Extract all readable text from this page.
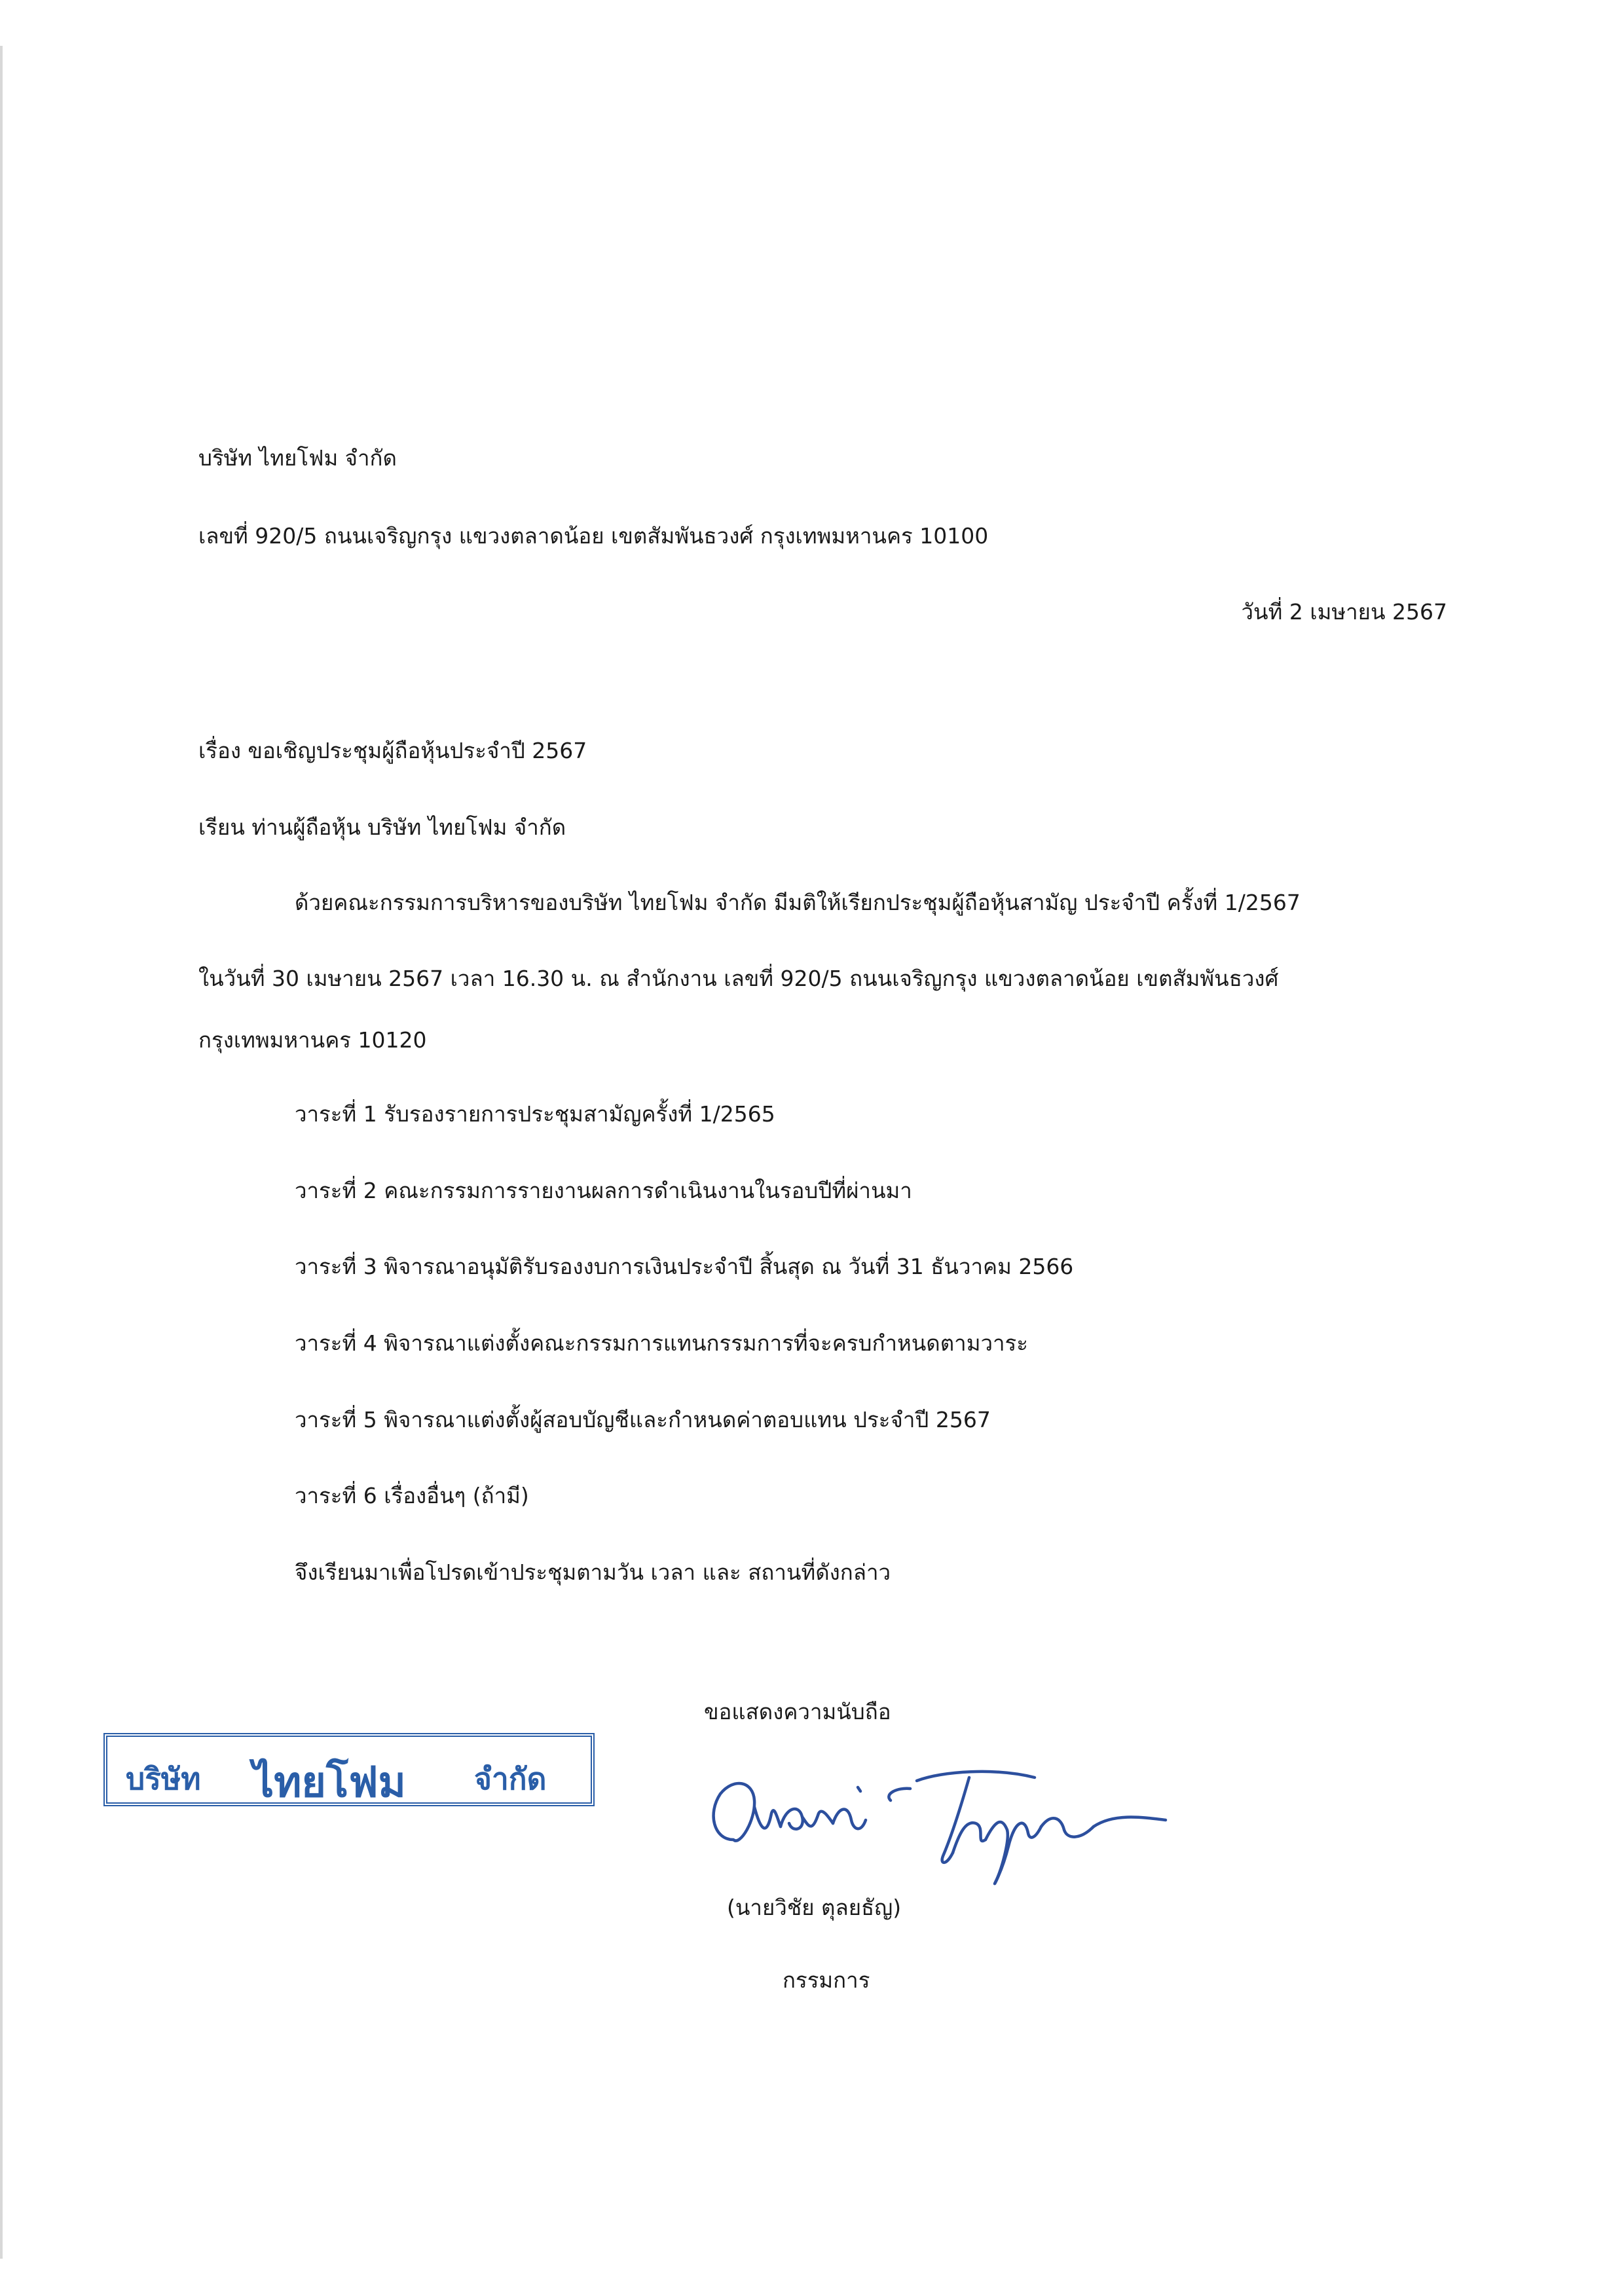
บริษัท ไทยโฟม จำกัด
เลขที่ 920/5 ถนนเจริญกรุง แขวงตลาดน้อย เขตสัมพันธวงศ์ กรุงเทพมหานคร 10100
วันที่ 2 เมษายน 2567
เรื่อง ขอเชิญประชุมผู้ถือหุ้นประจำปี 2567
เรียน ท่านผู้ถือหุ้น บริษัท ไทยโฟม จำกัด
ด้วยคณะกรรมการบริหารของบริษัท ไทยโฟม จำกัด มีมติให้เรียกประชุมผู้ถือหุ้นสามัญ ประจำปี ครั้งที่ 1/2567
ในวันที่ 30 เมษายน 2567 เวลา 16.30 น. ณ สำนักงาน เลขที่ 920/5 ถนนเจริญกรุง แขวงตลาดน้อย เขตสัมพันธวงศ์
กรุงเทพมหานคร 10120
วาระที่ 1 รับรองรายการประชุมสามัญครั้งที่ 1/2565
วาระที่ 2 คณะกรรมการรายงานผลการดำเนินงานในรอบปีที่ผ่านมา
วาระที่ 3 พิจารณาอนุมัติรับรองงบการเงินประจำปี สิ้นสุด ณ วันที่ 31 ธันวาคม 2566
วาระที่ 4 พิจารณาแต่งตั้งคณะกรรมการแทนกรรมการที่จะครบกำหนดตามวาระ
วาระที่ 5 พิจารณาแต่งตั้งผู้สอบบัญชีและกำหนดค่าตอบแทน ประจำปี 2567
วาระที่ 6 เรื่องอื่นๆ (ถ้ามี)
จึงเรียนมาเพื่อโปรดเข้าประชุมตามวัน เวลา และ สถานที่ดังกล่าว
ขอแสดงความนับถือ
บริษัท ไทยโฟม จำกัด
(นายวิชัย ตุลยธัญ)
กรรมการ
